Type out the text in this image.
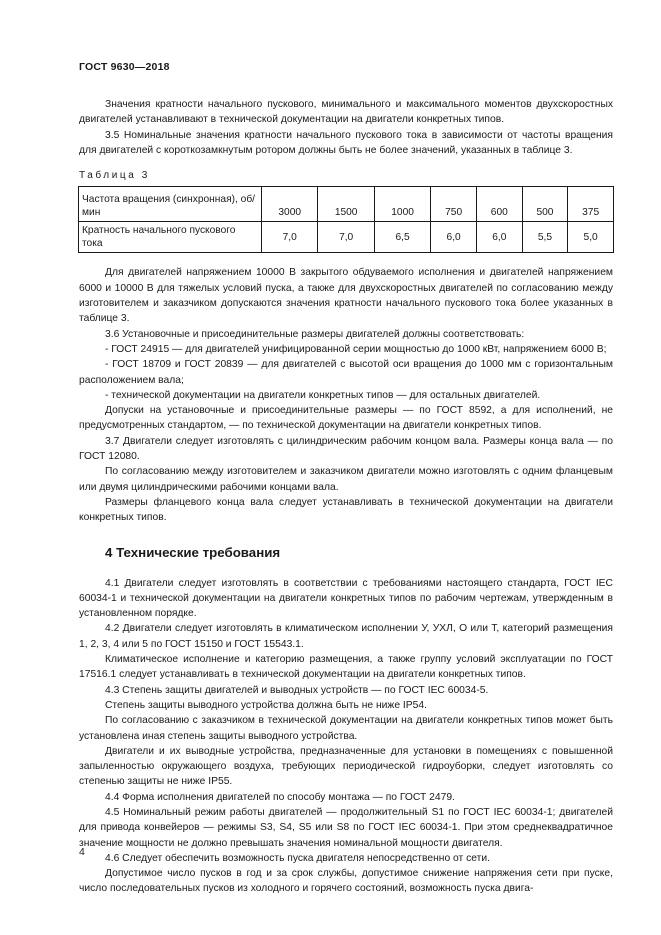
ГОСТ 9630—2018

Значения кратности начального пускового, минимального и максимального моментов двухскоростных двигателей устанавливают в технической документации на двигатели конкретных типов.

3.5 Номинальные значения кратности начального пускового тока в зависимости от частоты вращения для двигателей с короткозамкнутым ротором должны быть не более значений, указанных в таблице 3.

Таблица 3
Частота вращения (синхронная), об/мин	3000	1500	1000	750	600	500	375
Кратность начального пускового тока	7,0	7,0	6,5	6,0	6,0	5,5	5,0

Для двигателей напряжением 10000 В закрытого обдуваемого исполнения и двигателей напряжением 6000 и 10000 В для тяжелых условий пуска, а также для двухскоростных двигателей по согласованию между изготовителем и заказчиком допускаются значения кратности начального пускового тока более указанных в таблице 3.

3.6 Установочные и присоединительные размеры двигателей должны соответствовать:

- ГОСТ 24915 — для двигателей унифицированной серии мощностью до 1000 кВт, напряжением 6000 В;

- ГОСТ 18709 и ГОСТ 20839 — для двигателей с высотой оси вращения до 1000 мм с горизонтальным расположением вала;

- технической документации на двигатели конкретных типов — для остальных двигателей.

Допуски на установочные и присоединительные размеры — по ГОСТ 8592, а для исполнений, не предусмотренных стандартом, — по технической документации на двигатели конкретных типов.

3.7 Двигатели следует изготовлять с цилиндрическим рабочим концом вала. Размеры конца вала — по ГОСТ 12080.

По согласованию между изготовителем и заказчиком двигатели можно изготовлять с одним фланцевым или двумя цилиндрическими рабочими концами вала.

Размеры фланцевого конца вала следует устанавливать в технической документации на двигатели конкретных типов.

4 Технические требования

4.1 Двигатели следует изготовлять в соответствии с требованиями настоящего стандарта, ГОСТ IEC 60034-1 и технической документации на двигатели конкретных типов по рабочим чертежам, утвержденным в установленном порядке.

4.2 Двигатели следует изготовлять в климатическом исполнении У, УХЛ, О или Т, категорий размещения 1, 2, 3, 4 или 5 по ГОСТ 15150 и ГОСТ 15543.1.

Климатическое исполнение и категорию размещения, а также группу условий эксплуатации по ГОСТ 17516.1 следует устанавливать в технической документации на двигатели конкретных типов.

4.3 Степень защиты двигателей и выводных устройств — по ГОСТ IEC 60034-5.

Степень защиты выводного устройства должна быть не ниже IP54.

По согласованию с заказчиком в технической документации на двигатели конкретных типов может быть установлена иная степень защиты выводного устройства.

Двигатели и их выводные устройства, предназначенные для установки в помещениях с повышенной запыленностью окружающего воздуха, требующих периодической гидроуборки, следует изготовлять со степенью защиты не ниже IP55.

4.4 Форма исполнения двигателей по способу монтажа — по ГОСТ 2479.

4.5 Номинальный режим работы двигателей — продолжительный S1 по ГОСТ IEC 60034-1; двигателей для привода конвейеров — режимы S3, S4, S5 или S8 по ГОСТ IEC 60034-1. При этом среднеквадратичное значение мощности не должно превышать значения номинальной мощности двигателя.

4.6 Следует обеспечить возможность пуска двигателя непосредственно от сети.

Допустимое число пусков в год и за срок службы, допустимое снижение напряжения сети при пуске, число последовательных пусков из холодного и горячего состояний, возможность пуска двига-

4
